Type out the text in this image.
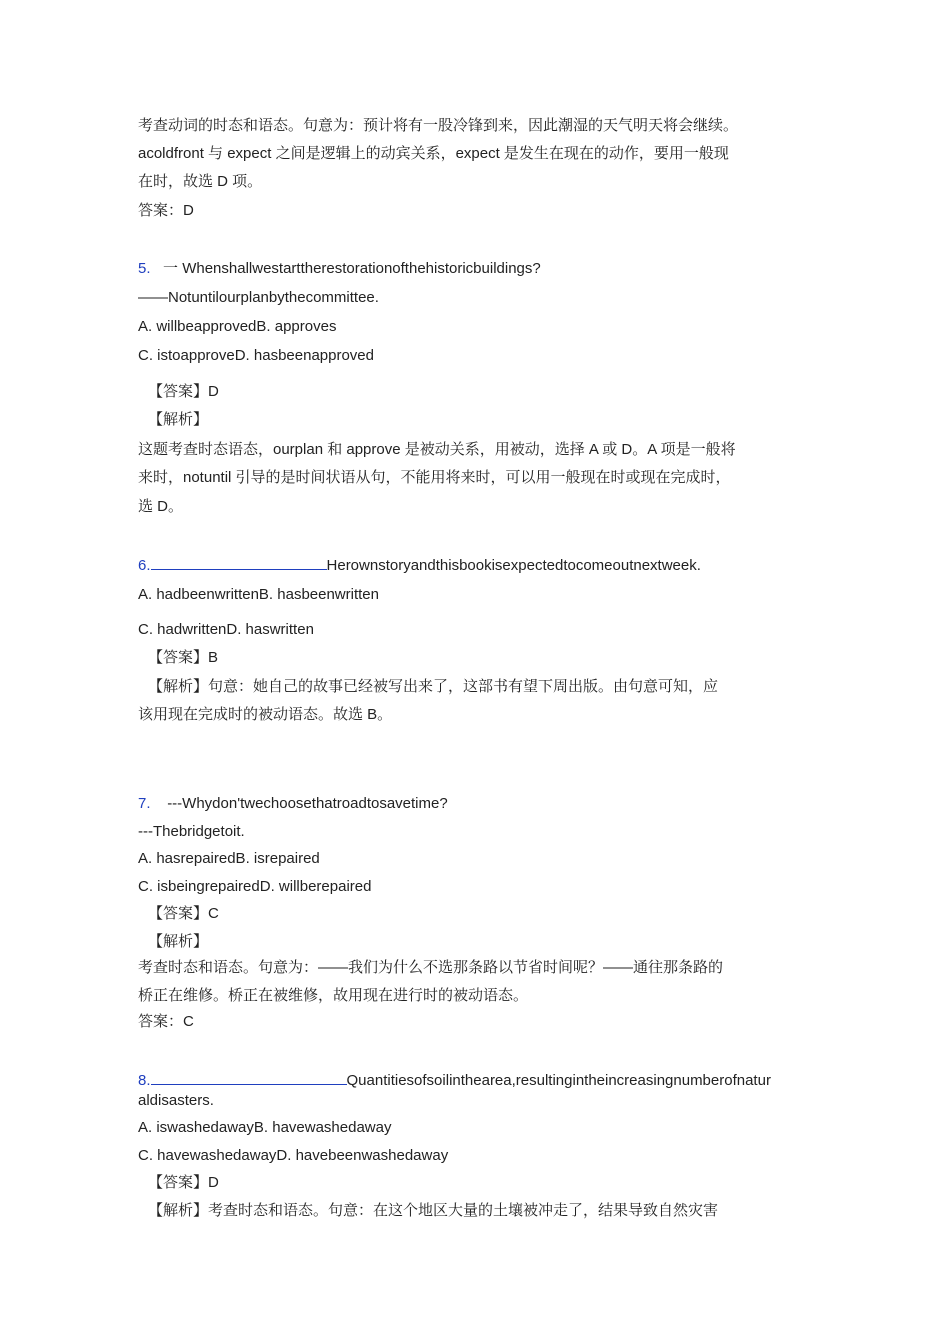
考查动词的时态和语态。句意为：预计将有一股冷锋到来，因此潮湿的天气明天将会继续。
acoldfront 与 expect 之间是逻辑上的动宾关系，expect 是发生在现在的动作，要用一般现
在时，故选 D 项。
答案：D
5. 一 Whenshallwestarttherestorationofthehistoricbuildings?
——Notuntilourplanbythecommittee.
A. willbeapprovedB. approves
C. istoapproveD. hasbeenapproved
【答案】D
【解析】
这题考查时态语态，ourplan 和 approve 是被动关系，用被动，选择 A 或 D。A 项是一般将
来时，notuntil 引导的是时间状语从句，不能用将来时，可以用一般现在时或现在完成时，
选 D。
6.	Herownstoryandthisbookisexpectedtocomeoutnextweek.
A. hadbeenwrittenB. hasbeenwritten
C. hadwrittenD. haswritten
【答案】B
【解析】句意：她自己的故事已经被写出来了，这部书有望下周出版。由句意可知，应
该用现在完成时的被动语态。故选 B。
7. ---Whydon'twechoosethatroadtosavetime?
---Thebridgetoit.
A. hasrepairedB. isrepaired
C. isbeingrepairedD. willberepaired
【答案】C
【解析】
考查时态和语态。句意为：——我们为什么不选那条路以节省时间呢？——通往那条路的
桥正在维修。桥正在被维修，故用现在进行时的被动语态。
答案：C
8.	Quantitiesofsoilinthearea,resultingintheincreasingnumberofnatur
aldisasters.
A. iswashedawayB. havewashedaway
C. havewashedawayD. havebeenwashedaway
【答案】D
【解析】考查时态和语态。句意：在这个地区大量的土壤被冲走了，结果导致自然灾害
